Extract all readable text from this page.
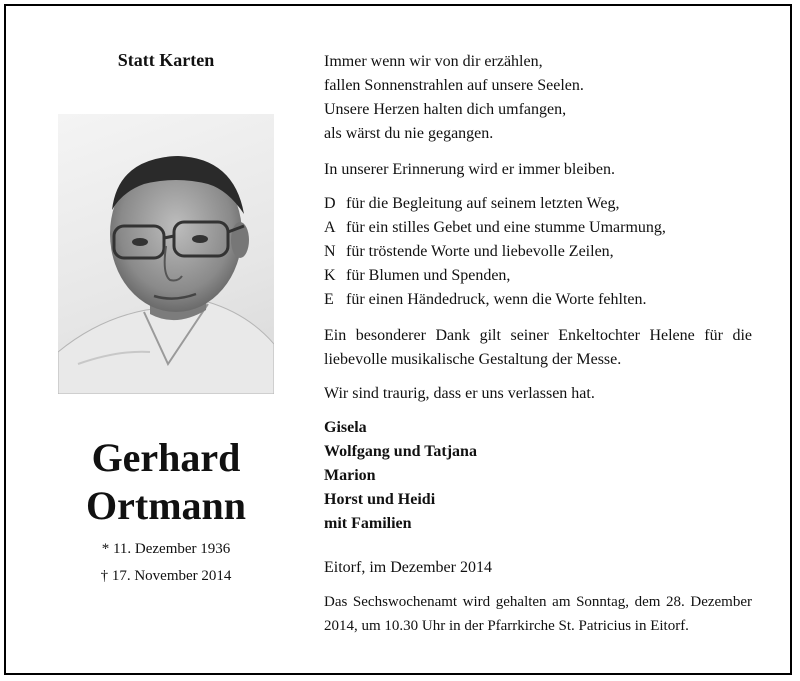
Statt Karten
Gerhard
Ortmann
* 11. Dezember 1936
† 17. November 2014
Immer wenn wir von dir erzählen,
fallen Sonnenstrahlen auf unsere Seelen.
Unsere Herzen halten dich umfangen,
als wärst du nie gegangen.
In unserer Erinnerung wird er immer bleiben.
D für die Begleitung auf seinem letzten Weg,
A für ein stilles Gebet und eine stumme Umarmung,
N für tröstende Worte und liebevolle Zeilen,
K für Blumen und Spenden,
E für einen Händedruck, wenn die Worte fehlten.
Ein besonderer Dank gilt seiner Enkeltochter Helene für die liebevolle musikalische Gestaltung der Messe.
Wir sind traurig, dass er uns verlassen hat.
Gisela
Wolfgang und Tatjana
Marion
Horst und Heidi
mit Familien
Eitorf, im Dezember 2014
Das Sechswochenamt wird gehalten am Sonntag, dem 28. Dezember 2014, um 10.30 Uhr in der Pfarrkirche St. Patricius in Eitorf.
